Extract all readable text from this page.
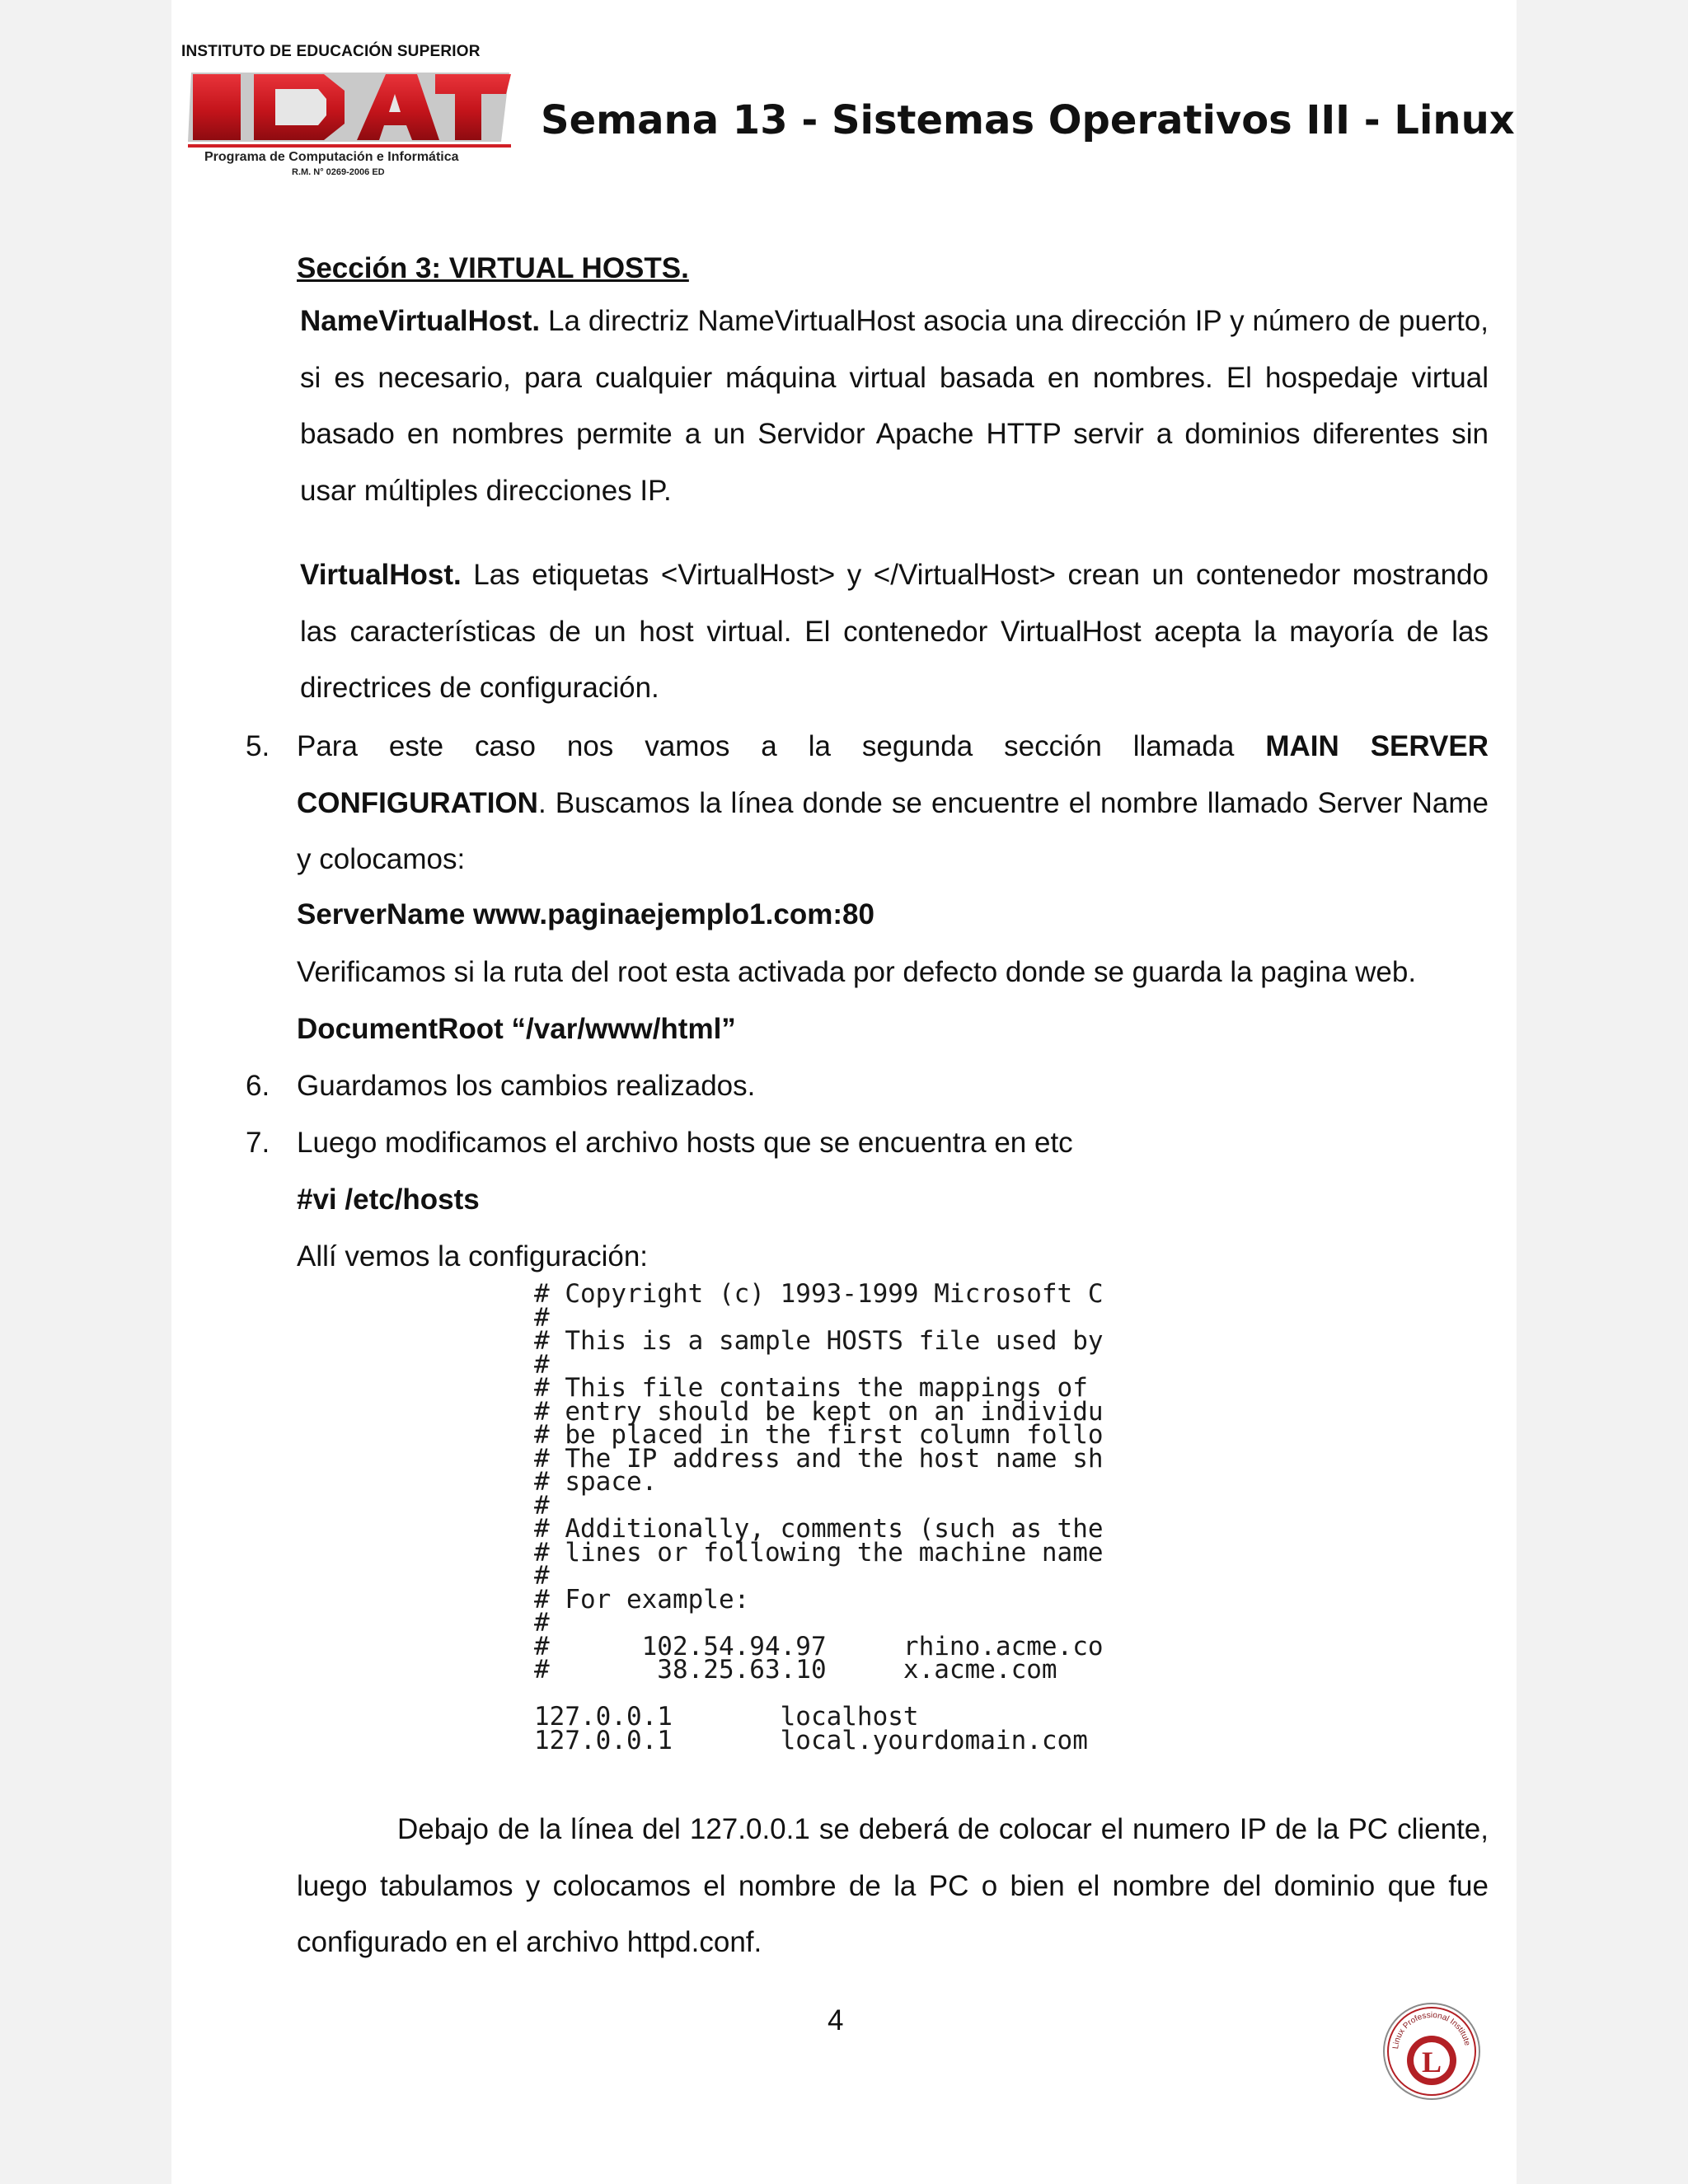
INSTITUTO DE EDUCACIÓN SUPERIOR
Programa de Computación e Informática
R.M. N° 0269-2006 ED
Semana 13 - Sistemas Operativos III - Linux
Sección 3: VIRTUAL HOSTS.
NameVirtualHost. La directriz NameVirtualHost asocia una dirección IP y número de puerto, si es necesario, para cualquier máquina virtual basada en nombres. El hospedaje virtual basado en nombres permite a un Servidor Apache HTTP servir a dominios diferentes sin usar múltiples direcciones IP.
VirtualHost. Las etiquetas <VirtualHost> y </VirtualHost> crean un contenedor mostrando las características de un host virtual. El contenedor VirtualHost acepta la mayoría de las directrices de configuración.
5. Para este caso nos vamos a la segunda sección llamada MAIN SERVER CONFIGURATION. Buscamos la línea donde se encuentre el nombre llamado Server Name y colocamos:
ServerName www.paginaejemplo1.com:80
Verificamos si la ruta del root esta activada por defecto donde se guarda la pagina web.
DocumentRoot “/var/www/html”
6. Guardamos los cambios realizados.
7. Luego modificamos el archivo hosts que se encuentra en etc
#vi /etc/hosts
Allí vemos la configuración:
Debajo de la línea del 127.0.0.1 se deberá de colocar el numero IP de la PC cliente, luego tabulamos y colocamos el nombre de la PC o bien el nombre del dominio que fue configurado en el archivo httpd.conf.
# Copyright (c) 1993-1999 Microsoft C
#
# This is a sample HOSTS file used by
#
# This file contains the mappings of
# entry should be kept on an individu
# be placed in the first column follo
# The IP address and the host name sh
# space.
#
# Additionally, comments (such as the
# lines or following the machine name
#
# For example:
#
#      102.54.94.97     rhino.acme.co
#       38.25.63.10     x.acme.com

127.0.0.1       localhost
127.0.0.1       local.yourdomain.com
4
Linux Professional Institute
L
